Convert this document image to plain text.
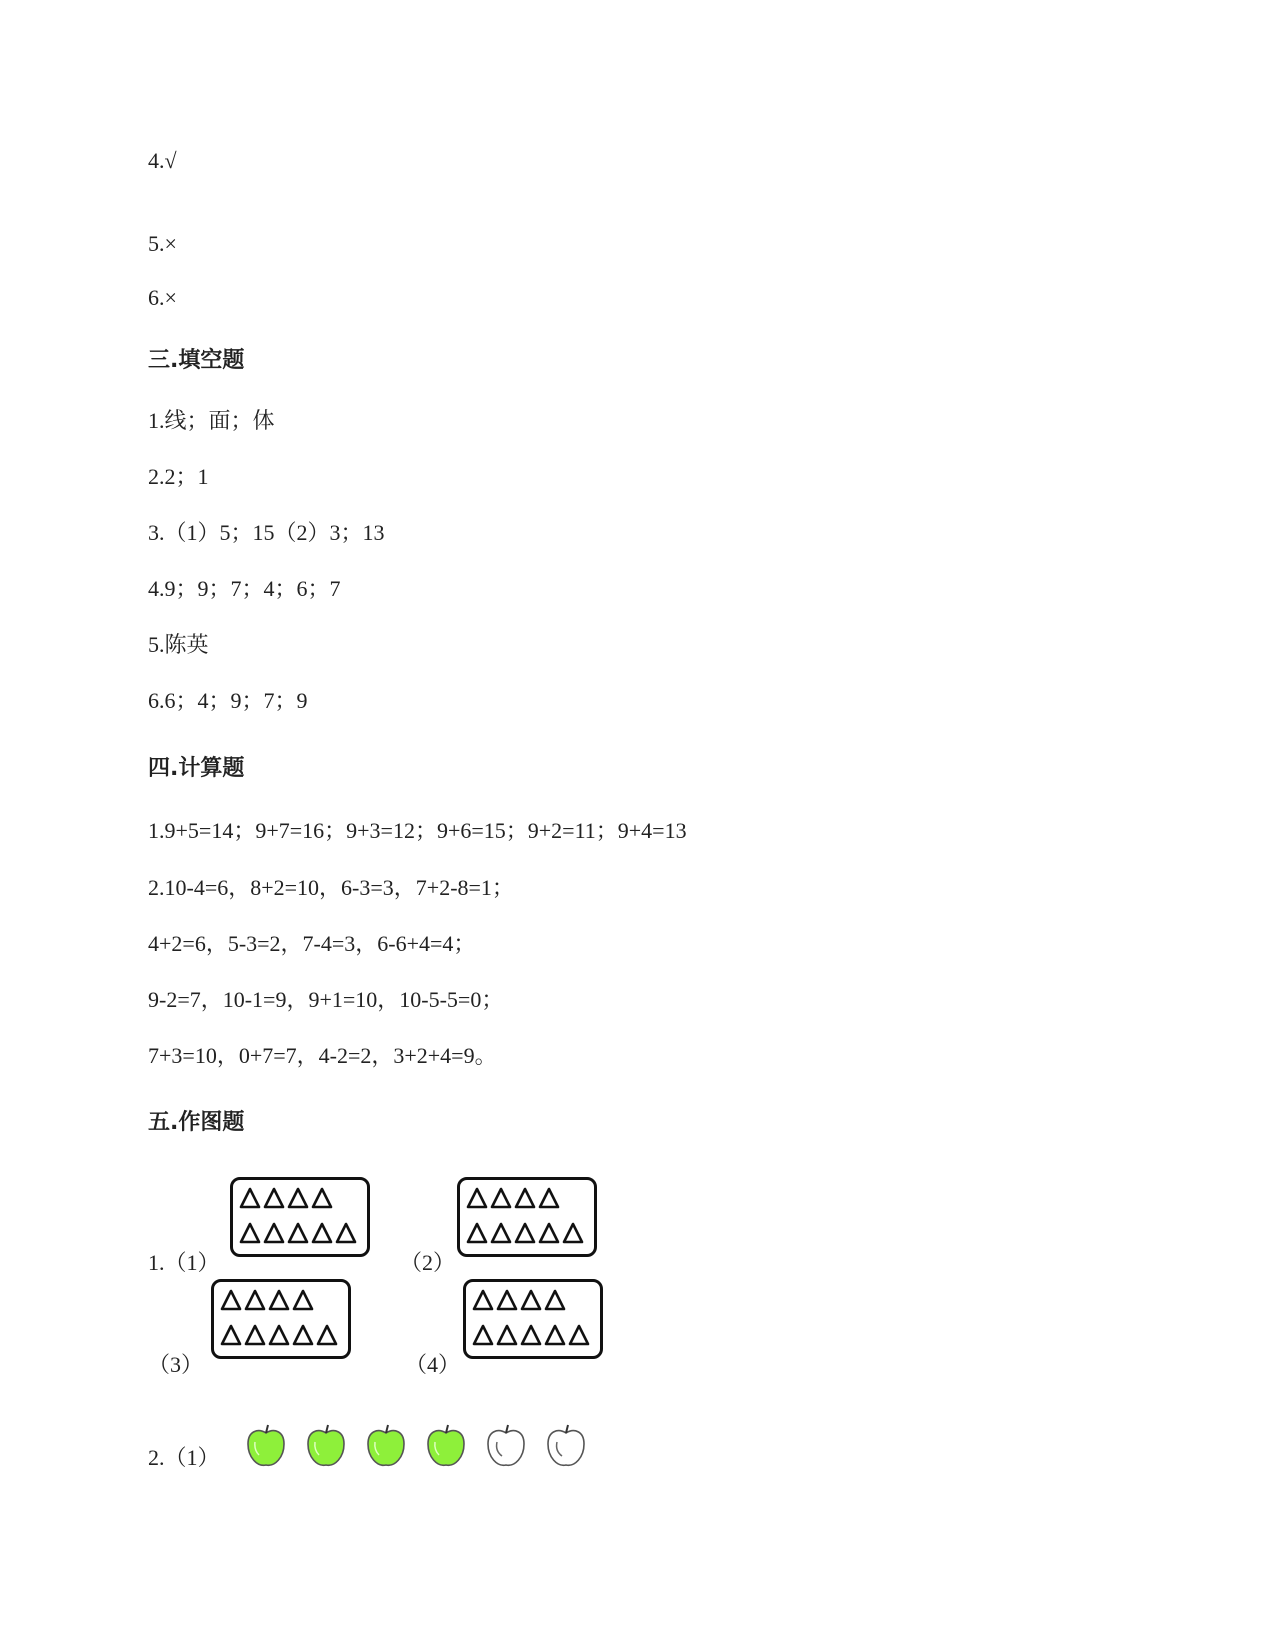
4.√
5.×
6.×
三.填空题
1.线；面；体
2.2；1
3.（1）5；15（2）3；13
4.9；9；7；4；6；7
5.陈英
6.6；4；9；7；9
四.计算题
1.9+5=14；9+7=16；9+3=12；9+6=15；9+2=11；9+4=13
2.10-4=6，8+2=10，6-3=3，7+2-8=1；
4+2=6，5-3=2，7-4=3，6-6+4=4；
9-2=7，10-1=9，9+1=10，10-5-5=0；
7+3=10，0+7=7，4-2=2，3+2+4=9。
五.作图题
1.（1）	（2）
（3）	（4）
2.（1）
